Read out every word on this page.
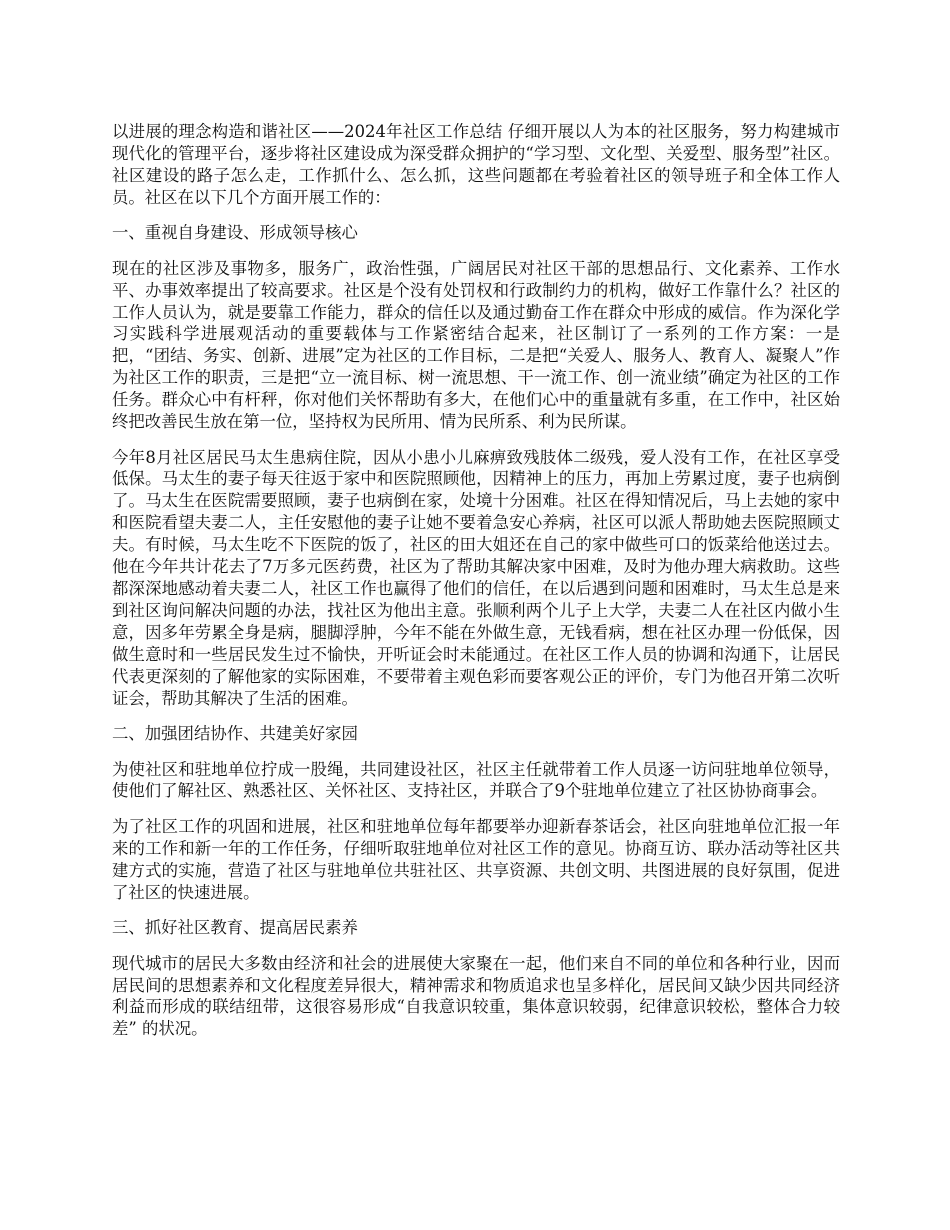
以进展的理念构造和谐社区——2024年社区工作总结 仔细开展以人为本的社区服务，努力构建城市现代化的管理平台，逐步将社区建设成为深受群众拥护的“学习型、文化型、关爱型、服务型”社区。社区建设的路子怎么走，工作抓什么、怎么抓，这些问题都在考验着社区的领导班子和全体工作人员。社区在以下几个方面开展工作的：

一、重视自身建设、形成领导核心

现在的社区涉及事物多，服务广，政治性强，广阔居民对社区干部的思想品行、文化素养、工作水平、办事效率提出了较高要求。社区是个没有处罚权和行政制约力的机构，做好工作靠什么？社区的工作人员认为，就是要靠工作能力，群众的信任以及通过勤奋工作在群众中形成的威信。作为深化学习实践科学进展观活动的重要载体与工作紧密结合起来，社区制订了一系列的工作方案：一是把，“团结、务实、创新、进展”定为社区的工作目标，二是把“关爱人、服务人、教育人、凝聚人”作为社区工作的职责，三是把“立一流目标、树一流思想、干一流工作、创一流业绩”确定为社区的工作任务。群众心中有杆秤，你对他们关怀帮助有多大，在他们心中的重量就有多重，在工作中，社区始终把改善民生放在第一位，坚持权为民所用、情为民所系、利为民所谋。

今年8月社区居民马太生患病住院，因从小患小儿麻痹致残肢体二级残，爱人没有工作，在社区享受低保。马太生的妻子每天往返于家中和医院照顾他，因精神上的压力，再加上劳累过度，妻子也病倒了。马太生在医院需要照顾，妻子也病倒在家，处境十分困难。社区在得知情况后，马上去她的家中和医院看望夫妻二人，主任安慰他的妻子让她不要着急安心养病，社区可以派人帮助她去医院照顾丈夫。有时候，马太生吃不下医院的饭了，社区的田大姐还在自己的家中做些可口的饭菜给他送过去。他在今年共计花去了7万多元医药费，社区为了帮助其解决家中困难，及时为他办理大病救助。这些都深深地感动着夫妻二人，社区工作也赢得了他们的信任，在以后遇到问题和困难时，马太生总是来到社区询问解决问题的办法，找社区为他出主意。张顺利两个儿子上大学，夫妻二人在社区内做小生意，因多年劳累全身是病，腿脚浮肿，今年不能在外做生意，无钱看病，想在社区办理一份低保，因做生意时和一些居民发生过不愉快，开听证会时未能通过。在社区工作人员的协调和沟通下，让居民代表更深刻的了解他家的实际困难，不要带着主观色彩而要客观公正的评价，专门为他召开第二次听证会，帮助其解决了生活的困难。

二、加强团结协作、共建美好家园

为使社区和驻地单位拧成一股绳，共同建设社区，社区主任就带着工作人员逐一访问驻地单位领导，使他们了解社区、熟悉社区、关怀社区、支持社区，并联合了9个驻地单位建立了社区协协商事会。

为了社区工作的巩固和进展，社区和驻地单位每年都要举办迎新春茶话会，社区向驻地单位汇报一年来的工作和新一年的工作任务，仔细听取驻地单位对社区工作的意见。协商互访、联办活动等社区共建方式的实施，营造了社区与驻地单位共驻社区、共享资源、共创文明、共图进展的良好氛围，促进了社区的快速进展。

三、抓好社区教育、提高居民素养

现代城市的居民大多数由经济和社会的进展使大家聚在一起，他们来自不同的单位和各种行业，因而居民间的思想素养和文化程度差异很大，精神需求和物质追求也呈多样化，居民间又缺少因共同经济利益而形成的联结纽带，这很容易形成“自我意识较重，集体意识较弱，纪律意识较松，整体合力较差” 的状况。
